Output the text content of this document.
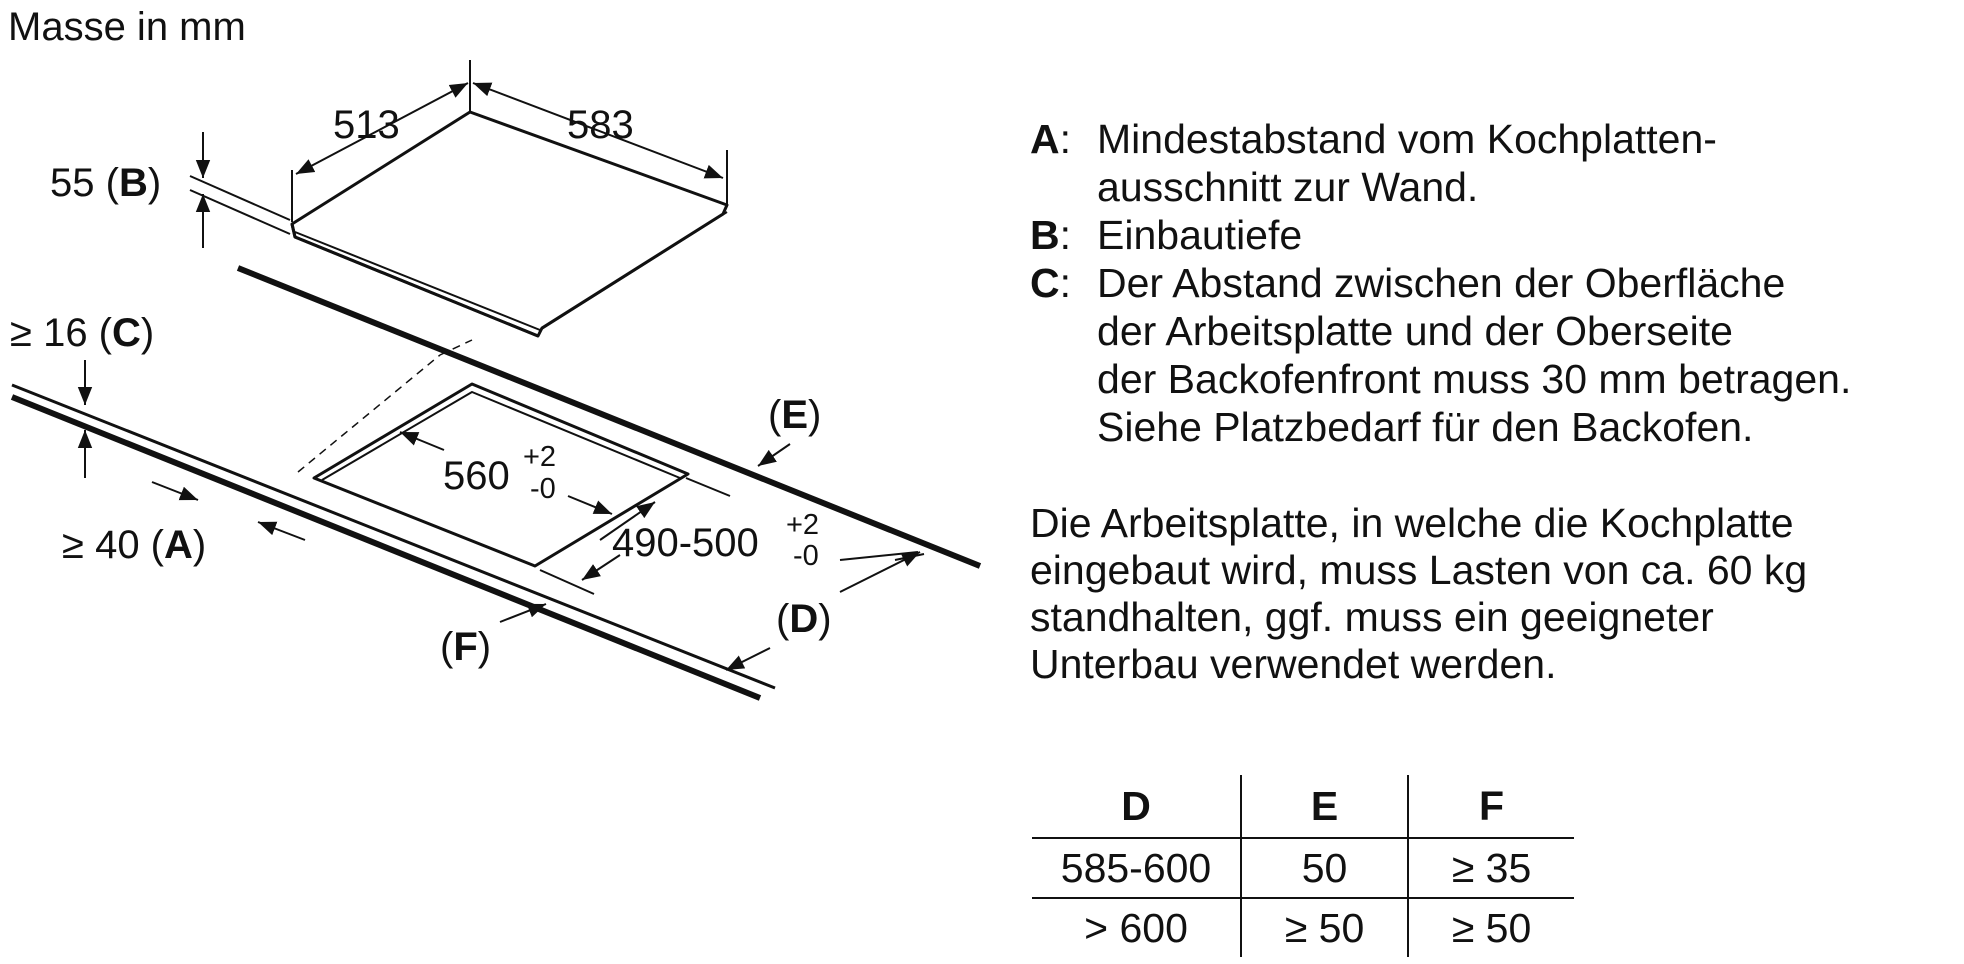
Masse in mm
513	583
55 (B)
560 +2
-0
490-500 +2
-0
≥ 16 (C)
≥ 40 (A)
(E)
(D)
(F)
A : Mindestabstand vom Kochplatten-
ausschnitt zur Wand.
B : Einbautiefe
C : Der Abstand zwischen der Oberfläche
der Arbeitsplatte und der Oberseite
der Backofenfront muss 30 mm betragen.
Siehe Platzbedarf für den Backofen.
Die Arbeitsplatte, in welche die Kochplatte
eingebaut wird, muss Lasten von ca. 60 kg
standhalten, ggf. muss ein geeigneter
Unterbau verwendet werden.
D	E	F
585-600	50	≥ 35
> 600	≥ 50	≥ 50
